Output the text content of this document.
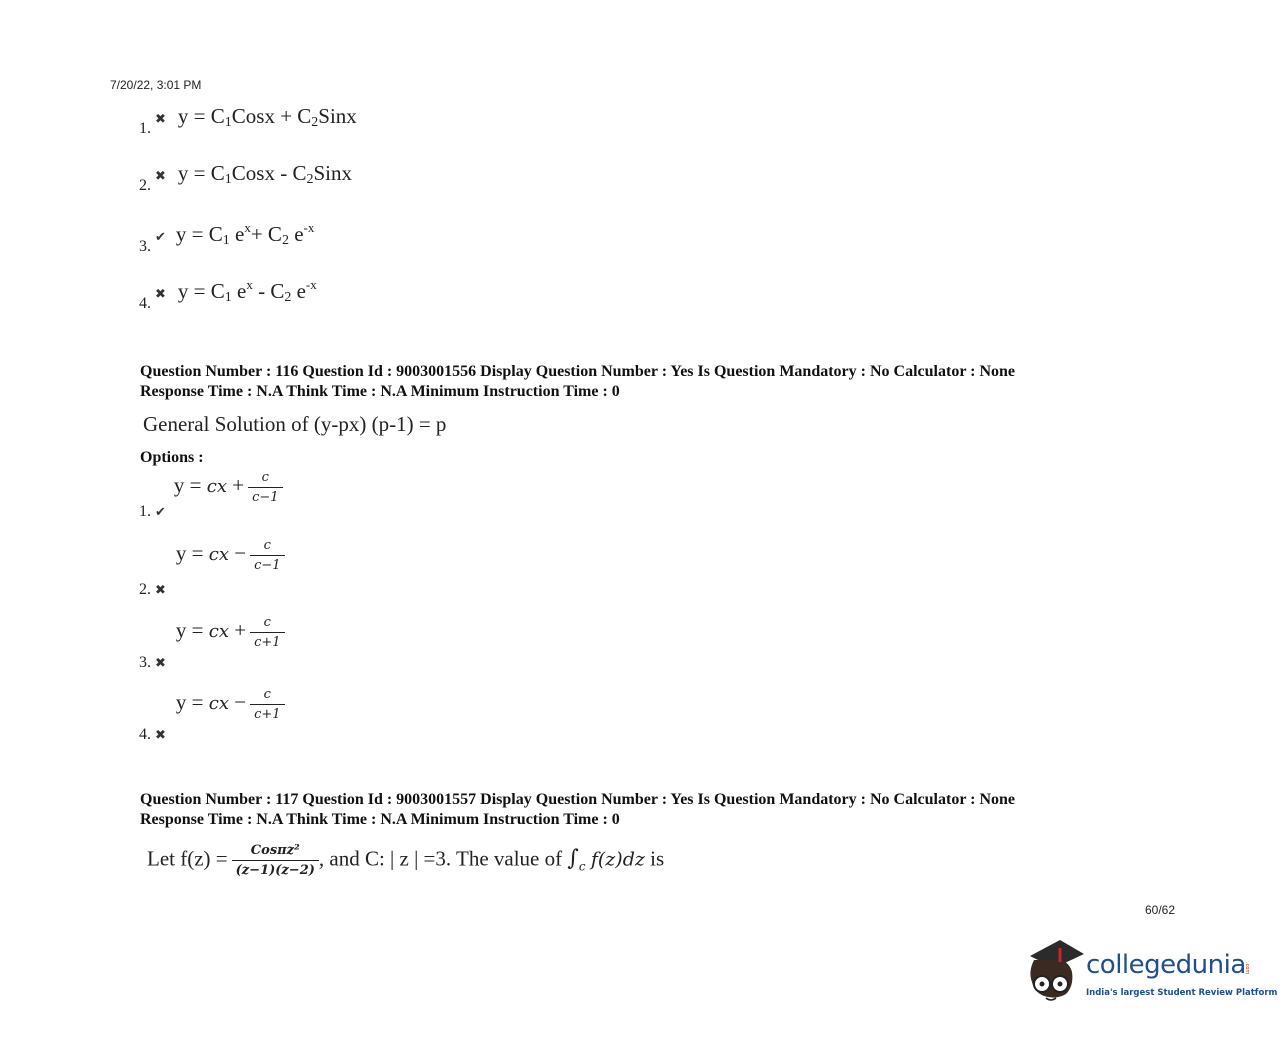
7/20/22, 3:01 PM
1.✖ $y = C_1Cosx$ + $C_2Sinx$
2.✖ $y = C_1Cosx$ - $C_2Sinx$
3.✔ $y = C_1$ $e^x+ C_2$ $e^{-x}$
4.✖ $y = C_1$ $e^x - C_2$ $e^{-x}$
Question Number : 116 Question Id : 9003001556 Display Question Number : Yes Is Question Mandatory : No Calculator : None
Response Time : N.A Think Time : N.A Minimum Instruction Time : 0
General Solution of (y-px) (p-1) = p
Options :
1. ✔ y = cx + $\frac{c}{c-1}$
2. ✖ y = cx − $\frac{c}{c-1}$
3. ✖ y = cx + $\frac{c}{c+1}$
4. ✖ y = cx − $\frac{c}{c+1}$
Question Number : 117 Question Id : 9003001557 Display Question Number : Yes Is Question Mandatory : No Calculator : None
Response Time : N.A Think Time : N.A Minimum Instruction Time : 0
Let $f(z) = \frac{\text{Cosπz²}}{(z-1)(z-2)}$ , and C: | z | =3. The value of $\int_c$ f(z)dz is
60/62
collegedunia
.com
India's largest Student Review Platform
